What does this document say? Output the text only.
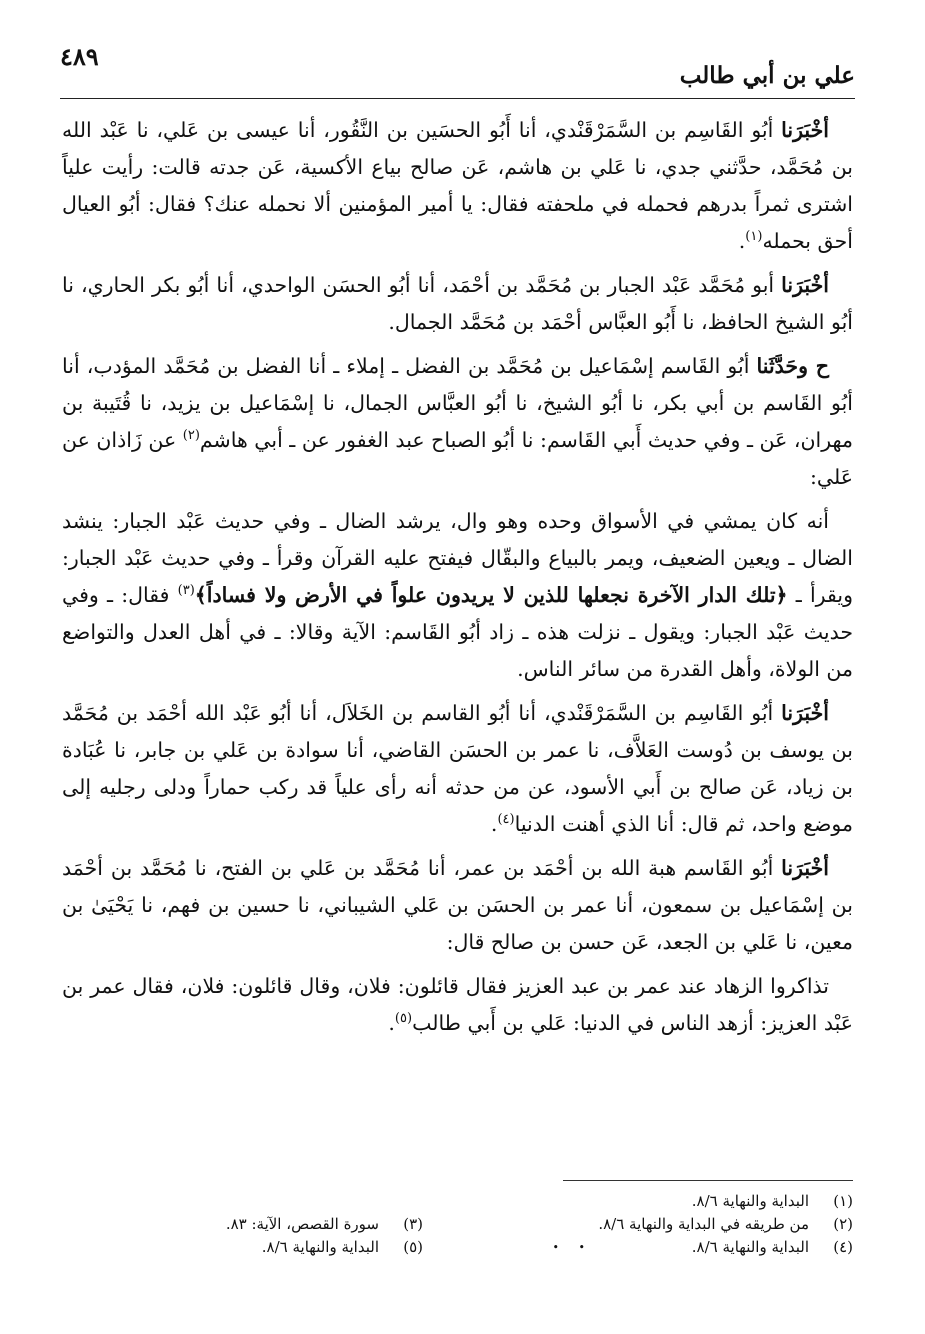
٤٨٩
علي بن أبي طالب

أخْبَرَنا أبُو القَاسِم بن السَّمَرْقَنْدي، أنا أَبُو الحسَين بن النَّقُور، أنا عيسى بن عَلي، نا عَبْد الله بن مُحَمَّد، حدَّثني جدي، نا عَلي بن هاشم، عَن صالح بياع الأكسية، عَن جدته قالت: رأيت علياً اشترى ثمراً بدرهم فحمله في ملحفته فقال: يا أمير المؤمنين ألا نحمله عنك؟ فقال: أبُو العيال أحق بحمله$^{(١)}$.

أخْبَرَنا أبو مُحَمَّد عَبْد الجبار بن مُحَمَّد بن أحْمَد، أنا أبُو الحسَن الواحدي، أنا أبُو بكر الحاري، نا أبُو الشيخ الحافظ، نا أَبُو العبَّاس أحْمَد بن مُحَمَّد الجمال.

ح وحَدَّثَنا أبُو القَاسم إسْمَاعيل بن مُحَمَّد بن الفضل ـ إملاء ـ أنا الفضل بن مُحَمَّد المؤدب، أنا أبُو القَاسم بن أبي بكر، نا أبُو الشيخ، نا أبُو العبَّاس الجمال، نا إسْمَاعيل بن يزيد، نا قُتَيبة بن مهران، عَن ـ وفي حديث أَبي القَاسم: نا أبُو الصباح عبد الغفور عن ـ أبي هاشم$^{(٢)}$ عن زَاذان عن عَلي:

أنه كان يمشي في الأسواق وحده وهو وال، يرشد الضال ـ وفي حديث عَبْد الجبار: ينشد الضال ـ ويعين الضعيف، ويمر بالبياع والبقّال فيفتح عليه القرآن وقرأ ـ وفي حديث عَبْد الجبار: ويقرأ ـ ﴿تلك الدار الآخرة نجعلها للذين لا يريدون علواً في الأرض ولا فساداً﴾$^{(٣)}$ فقال: ـ وفي حديث عَبْد الجبار: ويقول ـ نزلت هذه ـ زاد أبُو القَاسم: الآية وقالا: ـ في أهل العدل والتواضع من الولاة، وأهل القدرة من سائر الناس.

أخْبَرَنا أبُو القَاسِم بن السَّمَرْقَنْدي، أنا أبُو القاسم بن الخَلاَل، أنا أبُو عَبْد الله أحْمَد بن مُحَمَّد بن يوسف بن دُوست العَلاَّف، نا عمر بن الحسَن القاضي، أنا سوادة بن عَلي بن جابر، نا عُبَادة بن زياد، عَن صالح بن أَبي الأسود، عن من حدثه أنه رأى علياً قد ركب حماراً ودلى رجليه إلى موضع واحد، ثم قال: أنا الذي أهنت الدنيا$^{(٤)}$.

أخْبَرَنا أبُو القَاسم هبة الله بن أحْمَد بن عمر، أنا مُحَمَّد بن عَلي بن الفتح، نا مُحَمَّد بن أحْمَد بن إسْمَاعيل بن سمعون، أنا عمر بن الحسَن بن عَلي الشيباني، نا حسين بن فهم، نا يَحْيَىٰ بن معين، نا عَلي بن الجعد، عَن حسن بن صالح قال:

تذاكروا الزهاد عند عمر بن عبد العزيز فقال قائلون: فلان، وقال قائلون: فلان، فقال عمر بن عَبْد العزيز: أزهد الناس في الدنيا: عَلي بن أَبي طالب$^{(٥)}$.

(١)البداية والنهاية ٨/٦.
(٢)من طريقه في البداية والنهاية ٨/٦.
(٤)البداية والنهاية ٨/٦.
(٣)سورة القصص، الآية: ٨٣.
(٥)البداية والنهاية ٨/٦.	• •
